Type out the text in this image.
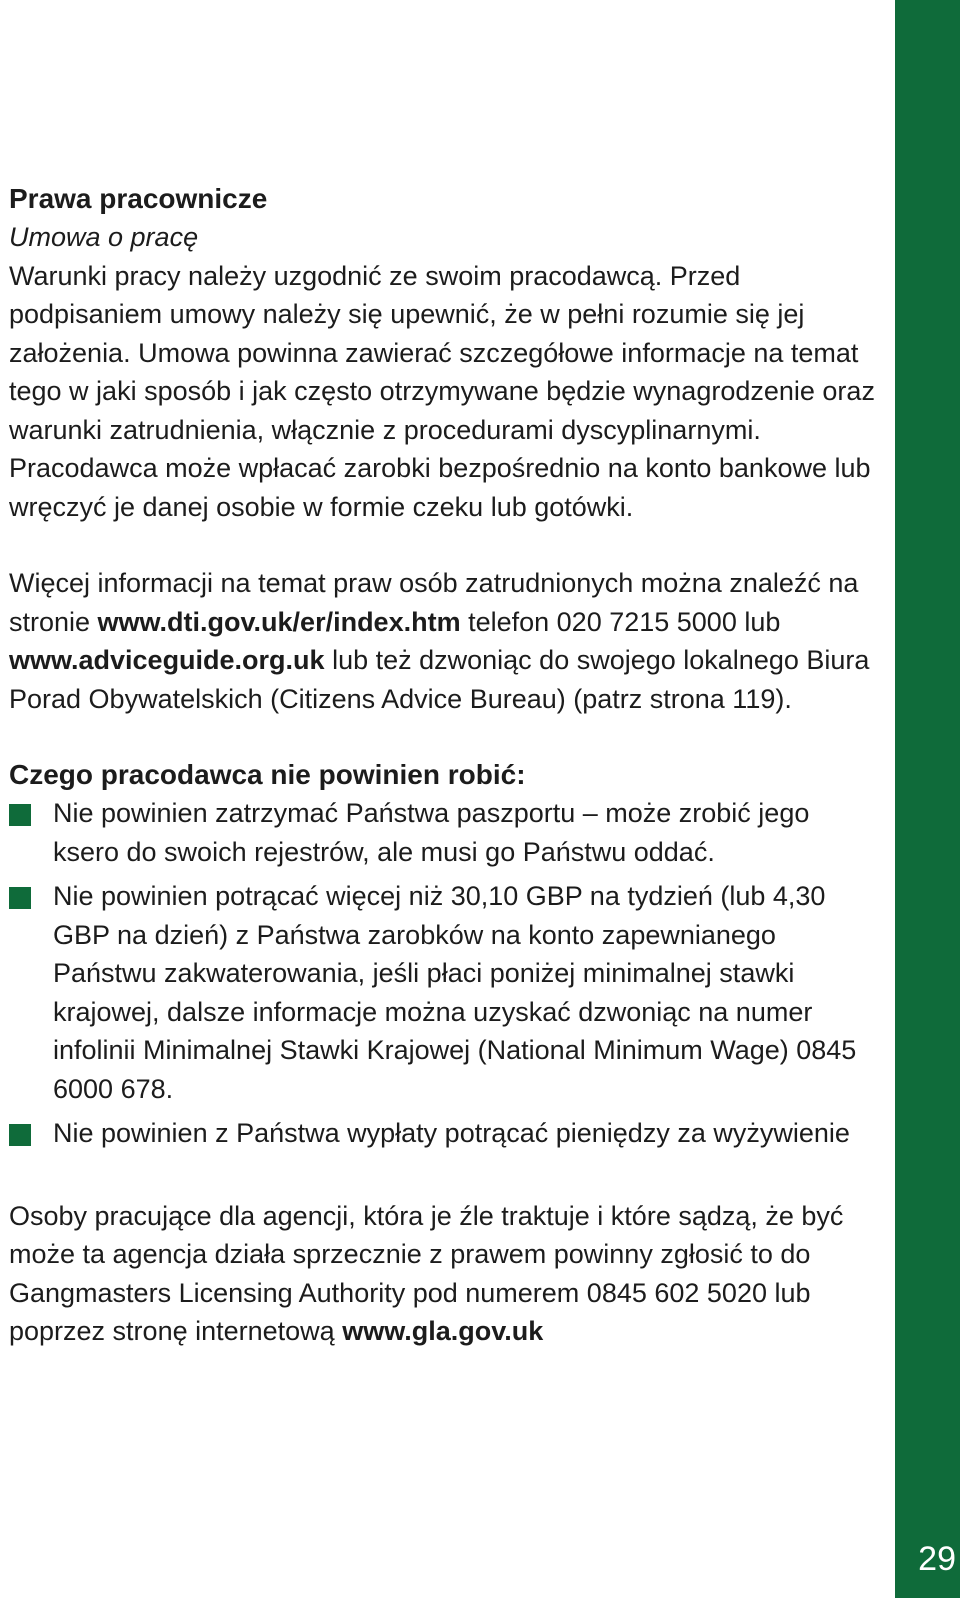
29
Prawa pracownicze

Umowa o pracę

Warunki pracy należy uzgodnić ze swoim pracodawcą. Przed podpisaniem umowy należy się upewnić, że w pełni rozumie się jej założenia. Umowa powinna zawierać szczegółowe informacje na temat tego w jaki sposób i jak często otrzymywane będzie wynagrodzenie oraz warunki zatrudnienia, włącznie z procedurami dyscyplinarnymi. Pracodawca może wpłacać zarobki bezpośrednio na konto bankowe lub wręczyć je danej osobie w formie czeku lub gotówki.

Więcej informacji na temat praw osób zatrudnionych można znaleźć na stronie www.dti.gov.uk/er/index.htm telefon 020 7215 5000 lub www.adviceguide.org.uk lub też dzwoniąc do swojego lokalnego Biura Porad Obywatelskich (Citizens Advice Bureau) (patrz strona 119).

Czego pracodawca nie powinien robić:
Nie powinien zatrzymać Państwa paszportu – może zrobić jego ksero do swoich rejestrów, ale musi go Państwu oddać.
Nie powinien potrącać więcej niż 30,10 GBP na tydzień (lub 4,30 GBP na dzień) z Państwa zarobków na konto zapewnianego Państwu zakwaterowania, jeśli płaci poniżej minimalnej stawki krajowej, dalsze informacje można uzyskać dzwoniąc na numer infolinii Minimalnej Stawki Krajowej (National Minimum Wage) 0845 6000 678.
Nie powinien z Państwa wypłaty potrącać pieniędzy za wyżywienie

Osoby pracujące dla agencji, która je źle traktuje i które sądzą, że być może ta agencja działa sprzecznie z prawem powinny zgłosić to do Gangmasters Licensing Authority pod numerem 0845 602 5020 lub poprzez stronę internetową www.gla.gov.uk
